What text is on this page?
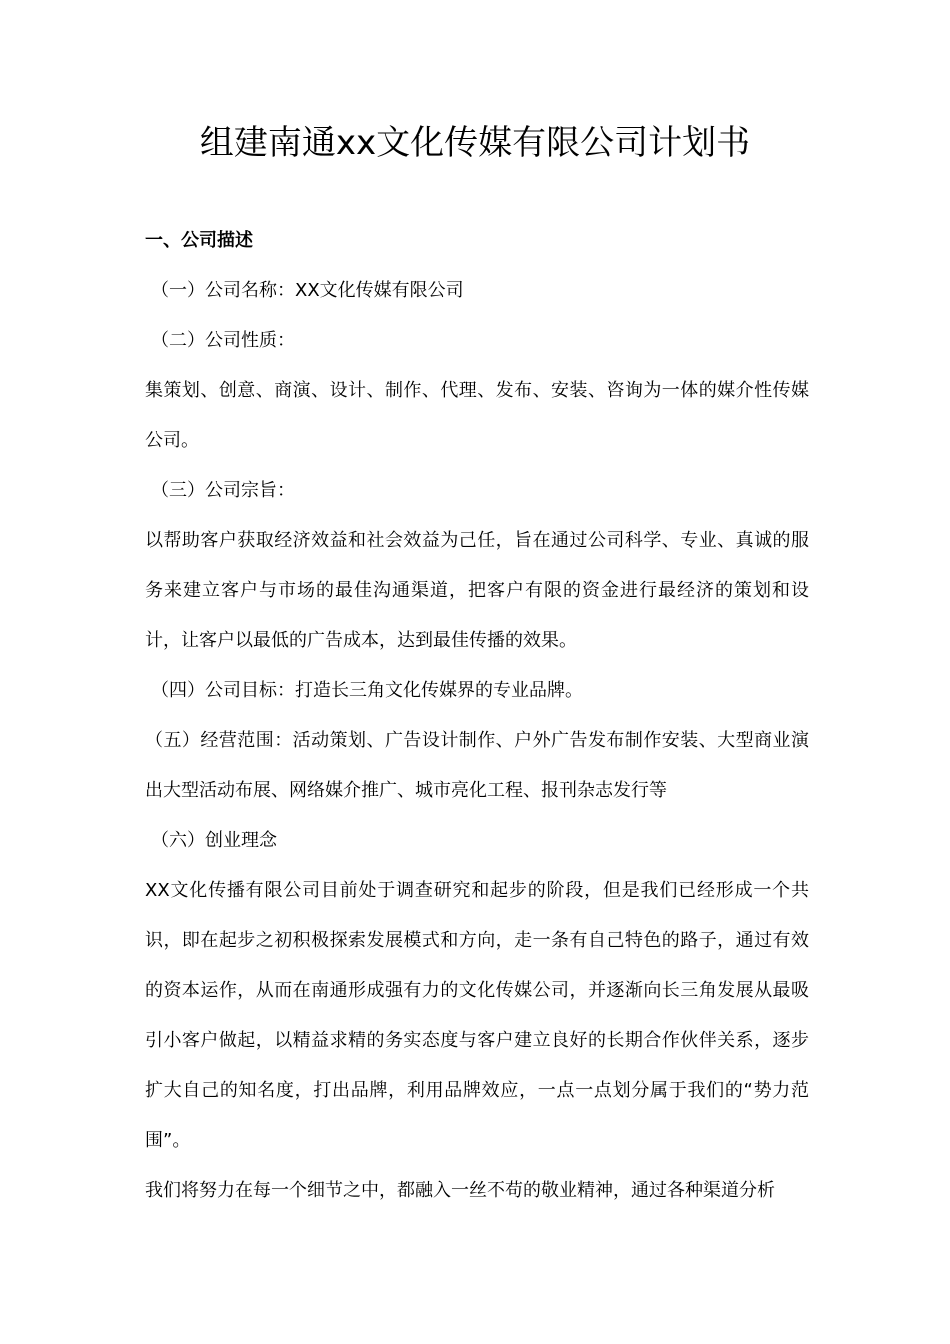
组建南通xx文化传媒有限公司计划书
一、公司描述
（一）公司名称：XX文化传媒有限公司
（二）公司性质：
集策划、创意、商演、设计、制作、代理、发布、安装、咨询为一体的媒介性传媒公司。
（三）公司宗旨：
以帮助客户获取经济效益和社会效益为己任，旨在通过公司科学、专业、真诚的服务来建立客户与市场的最佳沟通渠道，把客户有限的资金进行最经济的策划和设计，让客户以最低的广告成本，达到最佳传播的效果。
（四）公司目标：打造长三角文化传媒界的专业品牌。
（五）经营范围：活动策划、广告设计制作、户外广告发布制作安装、大型商业演出大型活动布展、网络媒介推广、城市亮化工程、报刊杂志发行等
（六）创业理念
XX文化传播有限公司目前处于调查研究和起步的阶段，但是我们已经形成一个共识，即在起步之初积极探索发展模式和方向，走一条有自己特色的路子，通过有效的资本运作，从而在南通形成强有力的文化传媒公司，并逐渐向长三角发展从最吸引小客户做起，以精益求精的务实态度与客户建立良好的长期合作伙伴关系，逐步扩大自己的知名度，打出品牌，利用品牌效应，一点一点划分属于我们的“势力范围”。
我们将努力在每一个细节之中，都融入一丝不苟的敬业精神，通过各种渠道分析
